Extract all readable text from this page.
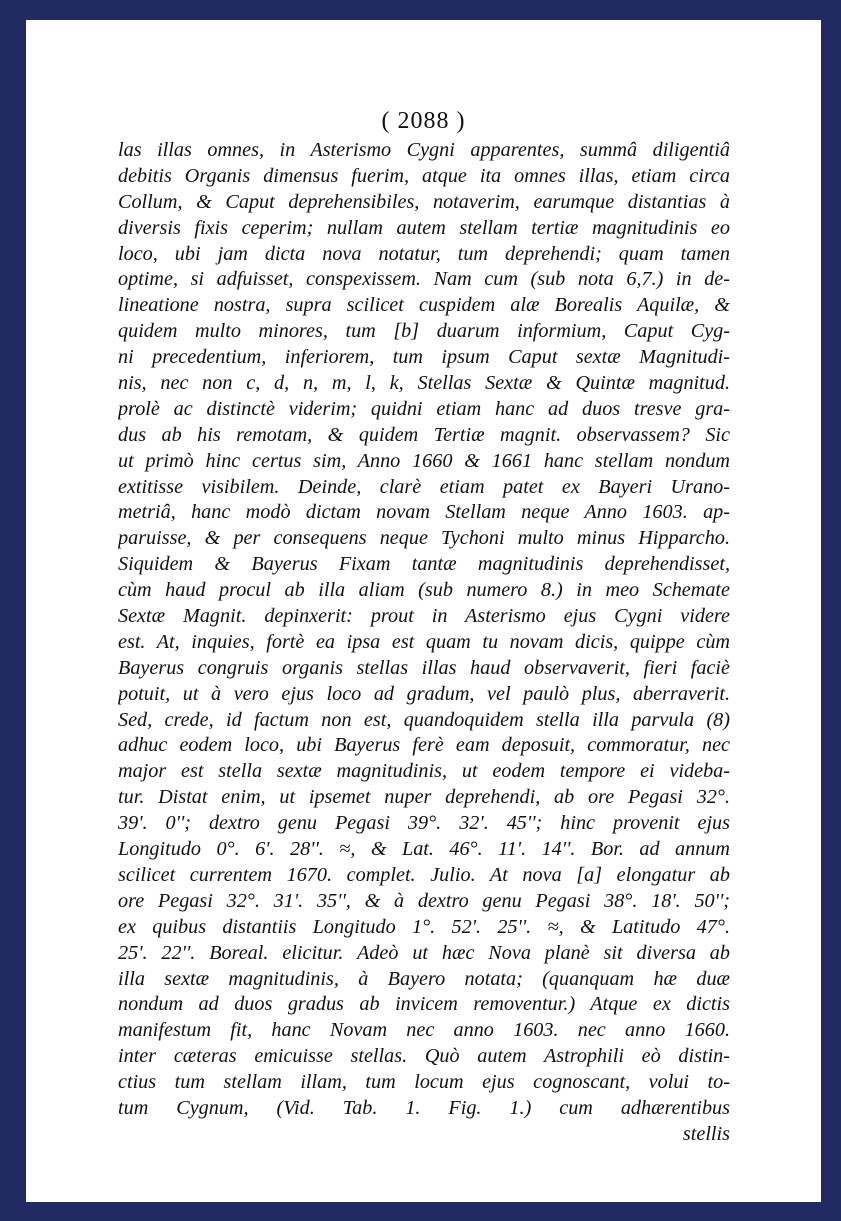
( 2088 )
las illas omnes, in Asterismo Cygni apparentes, summâ diligentiâ
debitis Organis dimensus fuerim, atque ita omnes illas, etiam circa
Collum, & Caput deprehensibiles, notaverim, earumque distantias à
diversis fixis ceperim; nullam autem stellam tertiæ magnitudinis eo
loco, ubi jam dicta nova notatur, tum deprehendi; quam tamen
optime, si adfuisset, conspexissem. Nam cum (sub nota 6,7.) in de-
lineatione nostra, supra scilicet cuspidem alæ Borealis Aquilæ, &
quidem multo minores, tum [b] duarum informium, Caput Cyg-
ni precedentium, inferiorem, tum ipsum Caput sextæ Magnitudi-
nis, nec non c, d, n, m, l, k, Stellas Sextæ & Quintæ magnitud.
prolè ac distinctè viderim; quidni etiam hanc ad duos tresve gra-
dus ab his remotam, & quidem Tertiæ magnit. observassem? Sic
ut primò hinc certus sim, Anno 1660 & 1661 hanc stellam nondum
extitisse visibilem. Deinde, clarè etiam patet ex Bayeri Urano-
metriâ, hanc modò dictam novam Stellam neque Anno 1603. ap-
paruisse, & per consequens neque Tychoni multo minus Hipparcho.
Siquidem & Bayerus Fixam tantæ magnitudinis deprehendisset,
cùm haud procul ab illa aliam (sub numero 8.) in meo Schemate
Sextæ Magnit. depinxerit: prout in Asterismo ejus Cygni videre
est. At, inquies, fortè ea ipsa est quam tu novam dicis, quippe cùm
Bayerus congruis organis stellas illas haud observaverit, fieri faciè
potuit, ut à vero ejus loco ad gradum, vel paulò plus, aberraverit.
Sed, crede, id factum non est, quandoquidem stella illa parvula (8)
adhuc eodem loco, ubi Bayerus ferè eam deposuit, commoratur, nec
major est stella sextæ magnitudinis, ut eodem tempore ei videba-
tur. Distat enim, ut ipsemet nuper deprehendi, ab ore Pegasi 32°.
39'. 0''; dextro genu Pegasi 39°. 32'. 45''; hinc provenit ejus
Longitudo 0°. 6'. 28''. ≈, & Lat. 46°. 11'. 14''. Bor. ad annum
scilicet currentem 1670. complet. Julio. At nova [a] elongatur ab
ore Pegasi 32°. 31'. 35'', & à dextro genu Pegasi 38°. 18'. 50'';
ex quibus distantiis Longitudo 1°. 52'. 25''. ≈, & Latitudo 47°.
25'. 22''. Boreal. elicitur. Adeò ut hæc Nova planè sit diversa ab
illa sextæ magnitudinis, à Bayero notata; (quanquam hæ duæ
nondum ad duos gradus ab invicem removentur.) Atque ex dictis
manifestum fit, hanc Novam nec anno 1603. nec anno 1660.
inter cæteras emicuisse stellas. Quò autem Astrophili eò distin-
ctius tum stellam illam, tum locum ejus cognoscant, volui to-
tum Cygnum, (Vid. Tab. 1. Fig. 1.) cum adhærentibus
stellis
